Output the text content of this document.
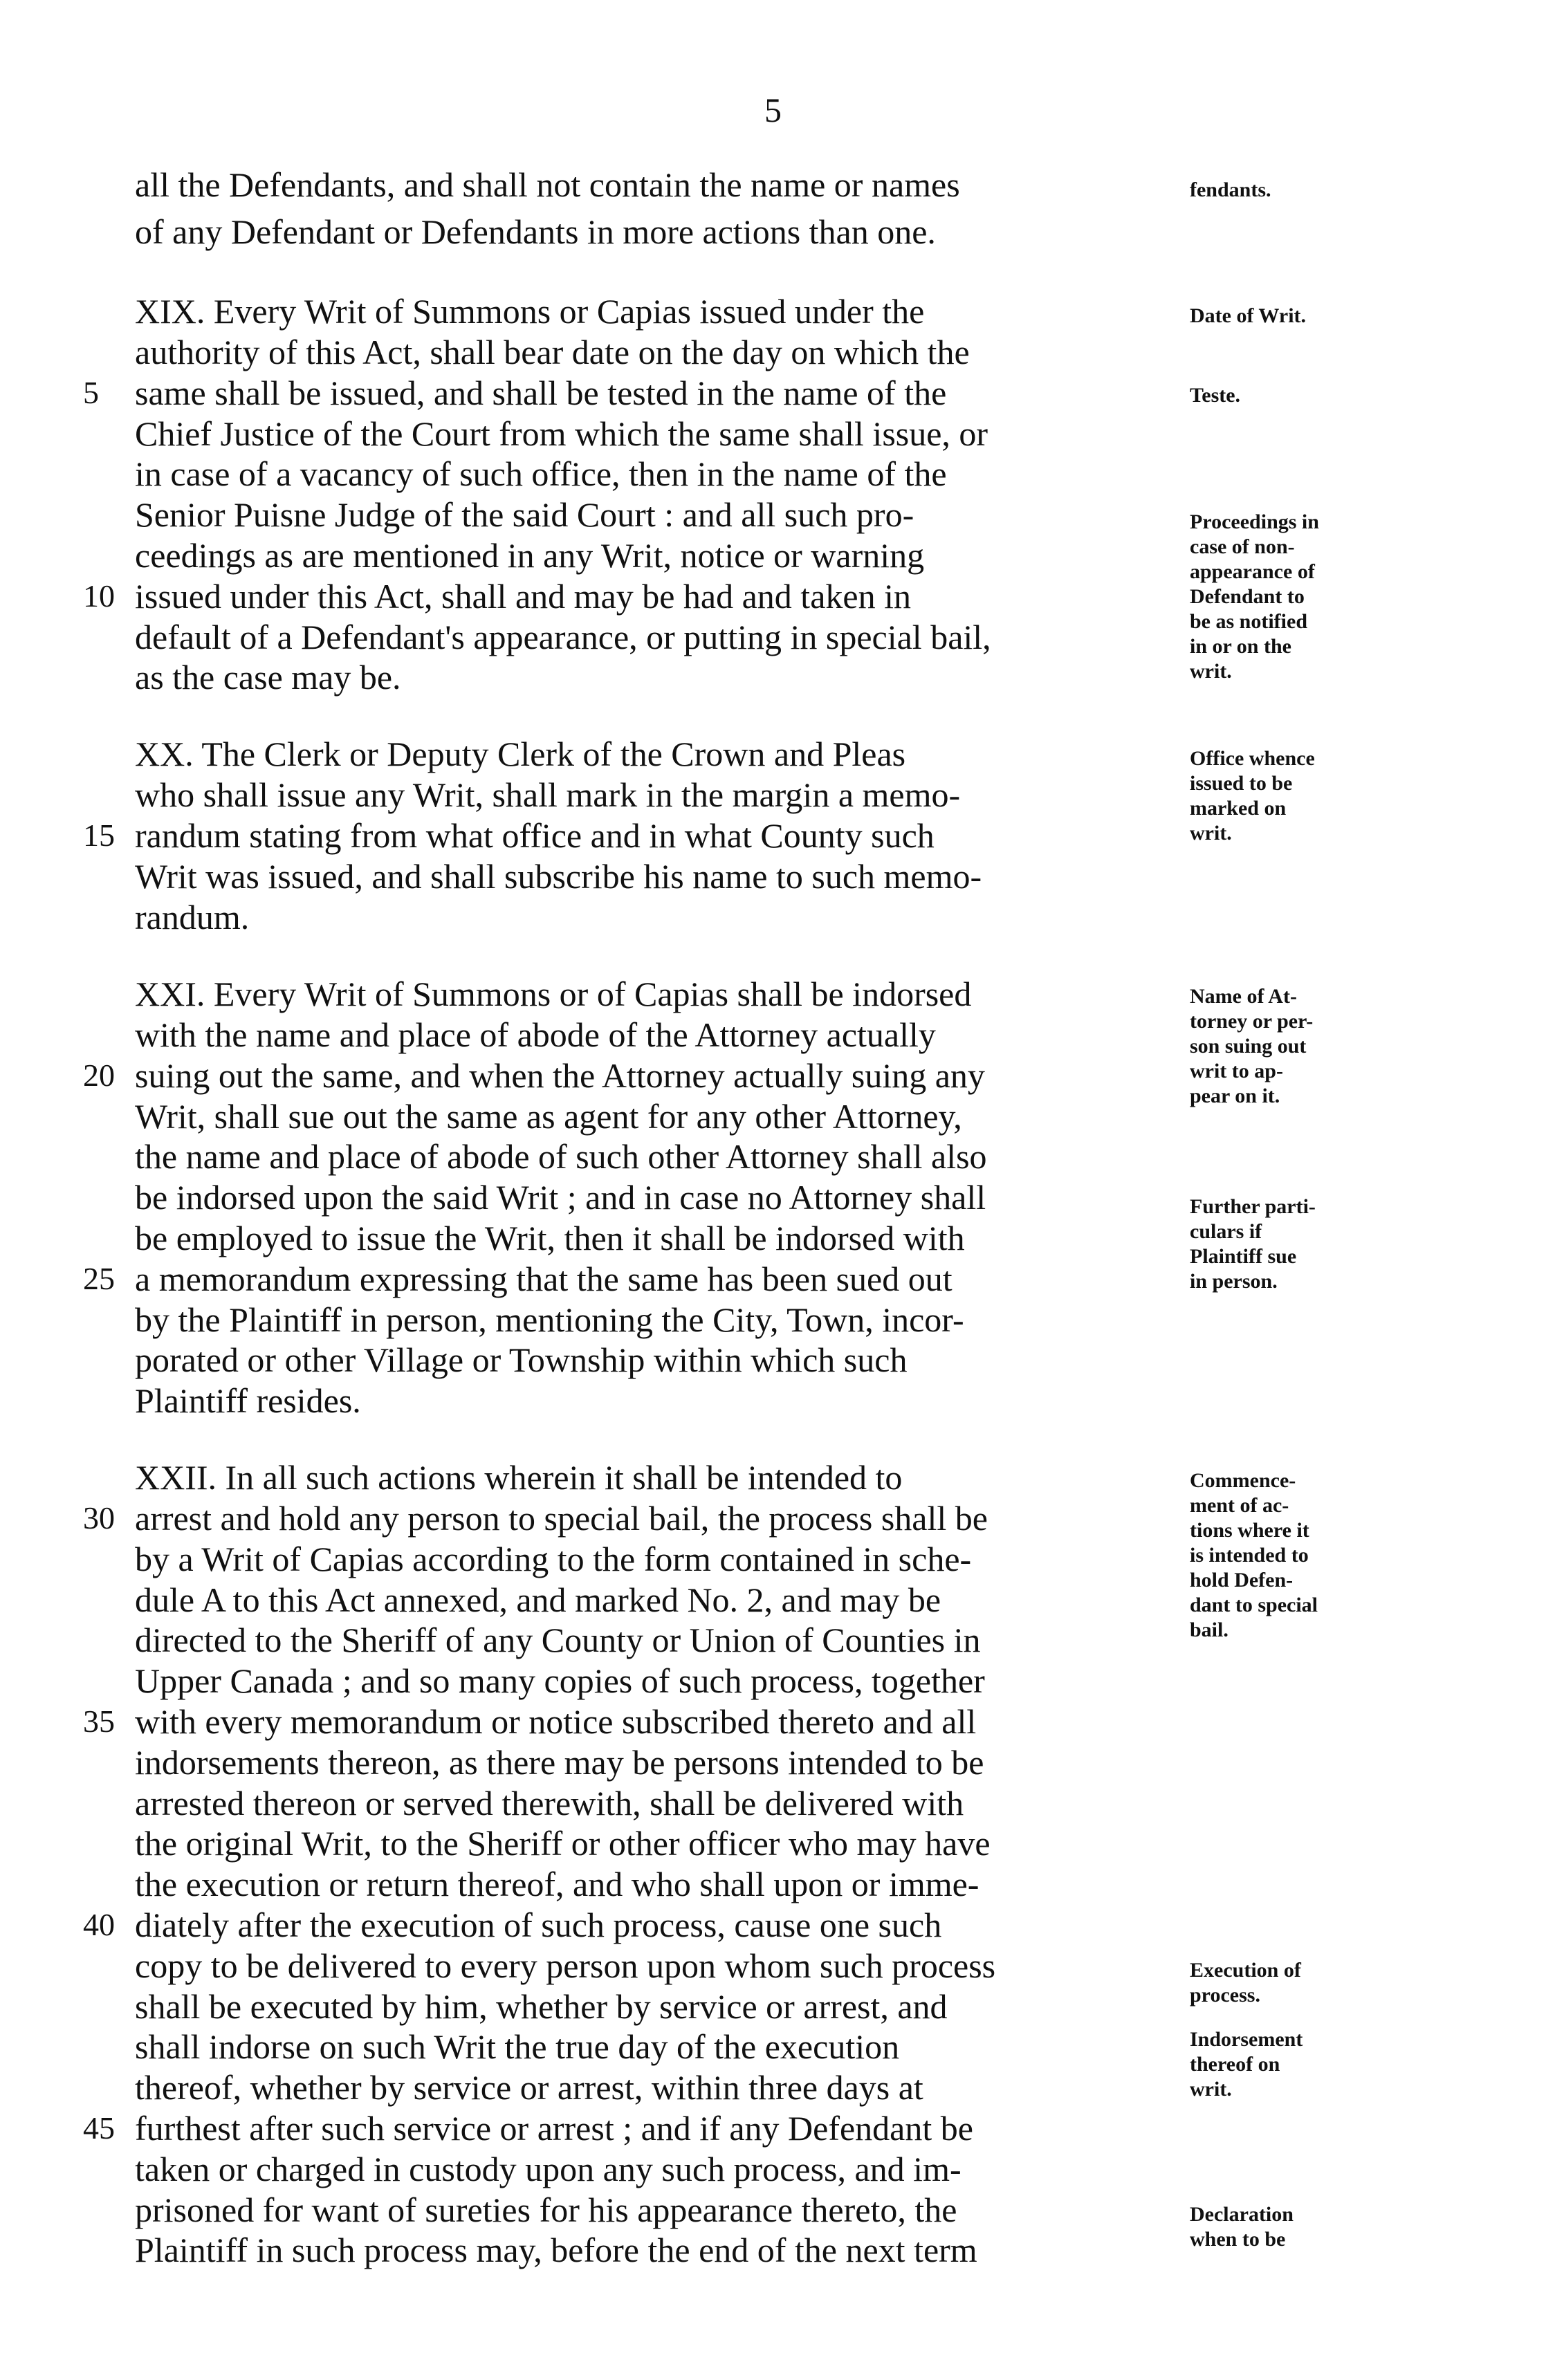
5
all the Defendants, and shall not contain the name or names
of any Defendant or Defendants in more actions than one.
XIX. Every Writ of Summons or Capias issued under the
authority of this Act, shall bear date on the day on which the
same shall be issued, and shall be tested in the name of the
Chief Justice of the Court from which the same shall issue, or
in case of a vacancy of such office, then in the name of the
Senior Puisne Judge of the said Court : and all such pro-
ceedings as are mentioned in any Writ, notice or warning
issued under this Act, shall and may be had and taken in
default of a Defendant's appearance, or putting in special bail,
as the case may be.
XX. The Clerk or Deputy Clerk of the Crown and Pleas
who shall issue any Writ, shall mark in the margin a memo-
randum stating from what office and in what County such
Writ was issued, and shall subscribe his name to such memo-
randum.
XXI. Every Writ of Summons or of Capias shall be indorsed
with the name and place of abode of the Attorney actually
suing out the same, and when the Attorney actually suing any
Writ, shall sue out the same as agent for any other Attorney,
the name and place of abode of such other Attorney shall also
be indorsed upon the said Writ ; and in case no Attorney shall
be employed to issue the Writ, then it shall be indorsed with
a memorandum expressing that the same has been sued out
by the Plaintiff in person, mentioning the City, Town, incor-
porated or other Village or Township within which such
Plaintiff resides.
XXII. In all such actions wherein it shall be intended to
arrest and hold any person to special bail, the process shall be
by a Writ of Capias according to the form contained in sche-
dule A to this Act annexed, and marked No. 2, and may be
directed to the Sheriff of any County or Union of Counties in
Upper Canada ; and so many copies of such process, together
with every memorandum or notice subscribed thereto and all
indorsements thereon, as there may be persons intended to be
arrested thereon or served therewith, shall be delivered with
the original Writ, to the Sheriff or other officer who may have
the execution or return thereof, and who shall upon or imme-
diately after the execution of such process, cause one such
copy to be delivered to every person upon whom such process
shall be executed by him, whether by service or arrest, and
shall indorse on such Writ the true day of the execution
thereof, whether by service or arrest, within three days at
furthest after such service or arrest ; and if any Defendant be
taken or charged in custody upon any such process, and im-
prisoned for want of sureties for his appearance thereto, the
Plaintiff in such process may, before the end of the next term
5
10
15
20
25
30
35
40
45
fendants.
Date of Writ.
Teste.
Proceedings in
case of non-
appearance of
Defendant to
be as notified
in or on the
writ.
Office whence
issued to be
marked on
writ.
Name of At-
torney or per-
son suing out
writ to ap-
pear on it.
Further parti-
culars if
Plaintiff sue
in person.
Commence-
ment of ac-
tions where it
is intended to
hold Defen-
dant to special
bail.
Execution of
process.
Indorsement
thereof on
writ.
Declaration
when to be
